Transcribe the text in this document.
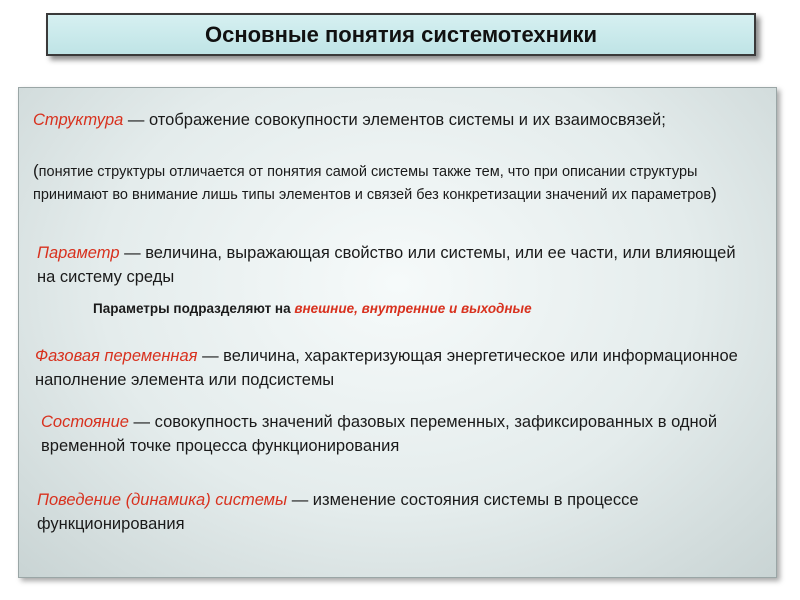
Основные понятия системотехники
Структура — отображение совокупности элементов системы и их взаимосвязей;
(понятие структуры отличается от понятия самой системы также тем, что при описании структуры принимают во внимание лишь типы элементов и связей без конкретизации значений их параметров)
Параметр — величина, выражающая свойство или системы, или ее части, или влияющей на систему среды
Параметры подразделяют на внешние, внутренние и выходные
Фазовая переменная — величина, характеризующая энергетическое или информационное наполнение элемента или подсистемы
Состояние — совокупность значений фазовых переменных, зафиксированных в одной временной точке процесса функционирования
Поведение (динамика) системы — изменение состояния системы в процессе функционирования
